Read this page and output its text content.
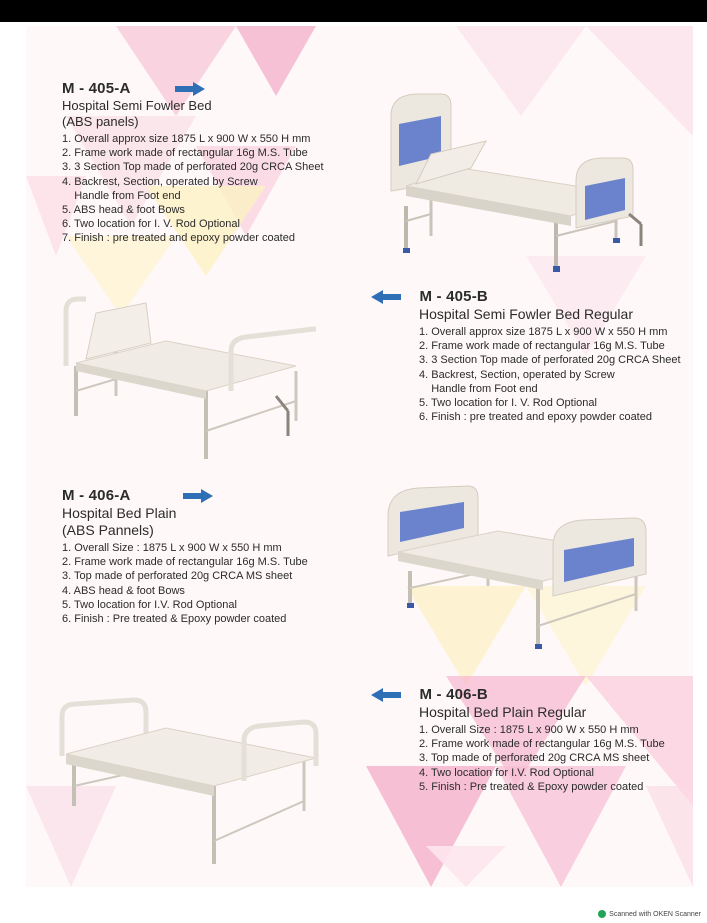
M - 405-A
Hospital Semi Fowler Bed
(ABS panels)
1. Overall approx size 1875 L x 900 W x 550 H mm
2. Frame work made of rectangular 16g M.S. Tube
3. 3 Section Top made of perforated 20g CRCA Sheet
4. Backrest, Section, operated by Screw
Handle from Foot end
5. ABS head & foot Bows
6. Two location for I. V. Rod Optional
7. Finish : pre treated and epoxy powder coated
M - 405-B
Hospital Semi Fowler Bed Regular
1. Overall approx size 1875 L x 900 W x 550 H mm
2. Frame work made of rectangular 16g M.S. Tube
3. 3 Section Top made of perforated 20g CRCA Sheet
4. Backrest, Section, operated by Screw
Handle from Foot end
5. Two location for I. V. Rod Optional
6. Finish : pre treated and epoxy powder coated
M - 406-A
Hospital Bed Plain
(ABS Pannels)
1. Overall Size : 1875 L x 900 W x 550 H mm
2. Frame work made of rectangular 16g M.S. Tube
3. Top made of perforated 20g CRCA MS sheet
4. ABS head & foot Bows
5. Two location for I.V. Rod Optional
6. Finish : Pre treated & Epoxy powder coated
M - 406-B
Hospital Bed Plain Regular
1. Overall Size : 1875 L x 900 W x 550 H mm
2. Frame work made of rectangular 16g M.S. Tube
3. Top made of perforated 20g CRCA MS sheet
4. Two location for I.V. Rod Optional
5. Finish : Pre treated & Epoxy powder coated
Scanned with OKEN Scanner
